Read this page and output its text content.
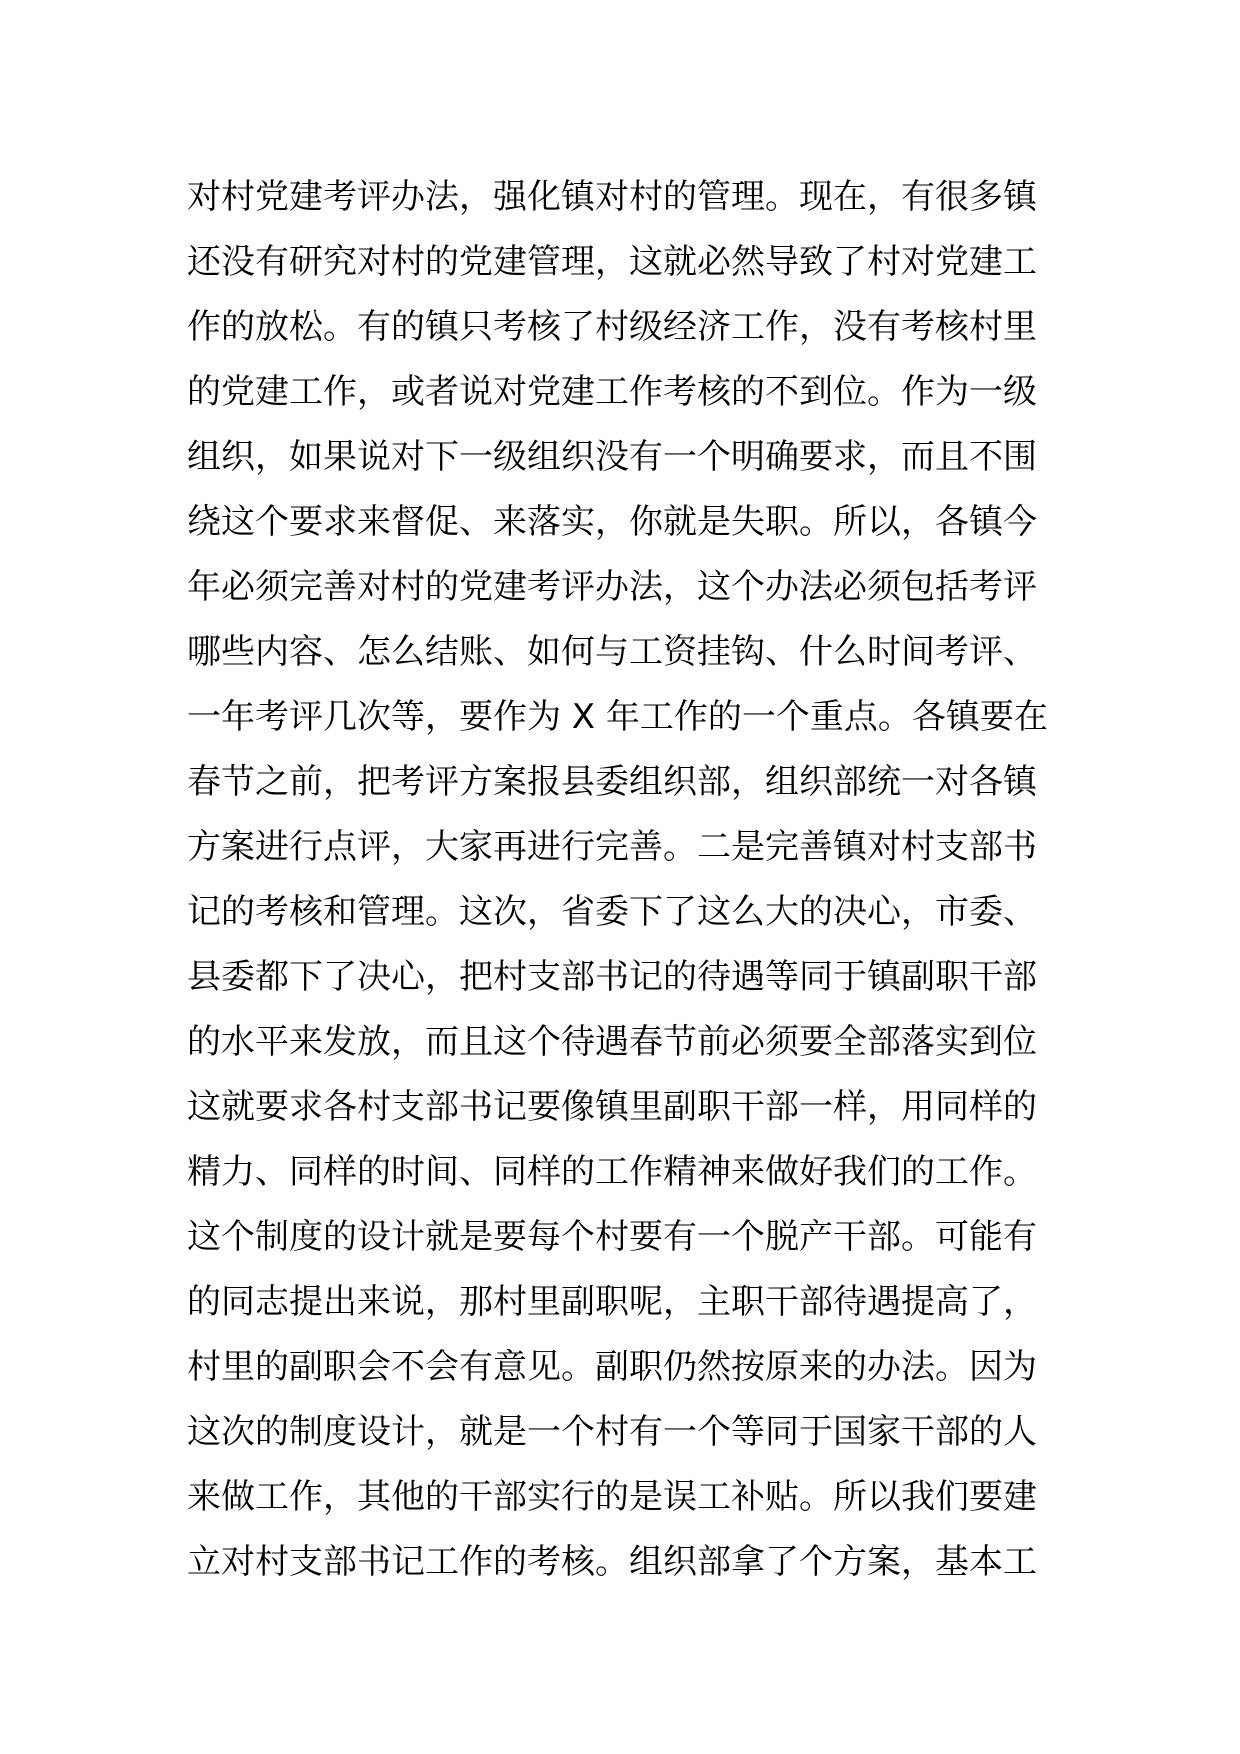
对村党建考评办法，强化镇对村的管理。现在，有很多镇
还没有研究对村的党建管理，这就必然导致了村对党建工
作的放松。有的镇只考核了村级经济工作，没有考核村里
的党建工作，或者说对党建工作考核的不到位。作为一级
组织，如果说对下一级组织没有一个明确要求，而且不围
绕这个要求来督促、来落实，你就是失职。所以，各镇今
年必须完善对村的党建考评办法，这个办法必须包括考评
哪些内容、怎么结账、如何与工资挂钩、什么时间考评、
一年考评几次等，要作为 X 年工作的一个重点。各镇要在
春节之前，把考评方案报县委组织部，组织部统一对各镇
方案进行点评，大家再进行完善。二是完善镇对村支部书
记的考核和管理。这次，省委下了这么大的决心，市委、
县委都下了决心，把村支部书记的待遇等同于镇副职干部
的水平来发放，而且这个待遇春节前必须要全部落实到位
这就要求各村支部书记要像镇里副职干部一样，用同样的
精力、同样的时间、同样的工作精神来做好我们的工作。
这个制度的设计就是要每个村要有一个脱产干部。可能有
的同志提出来说，那村里副职呢，主职干部待遇提高了，
村里的副职会不会有意见。副职仍然按原来的办法。因为
这次的制度设计，就是一个村有一个等同于国家干部的人
来做工作，其他的干部实行的是误工补贴。所以我们要建
立对村支部书记工作的考核。组织部拿了个方案，基本工
